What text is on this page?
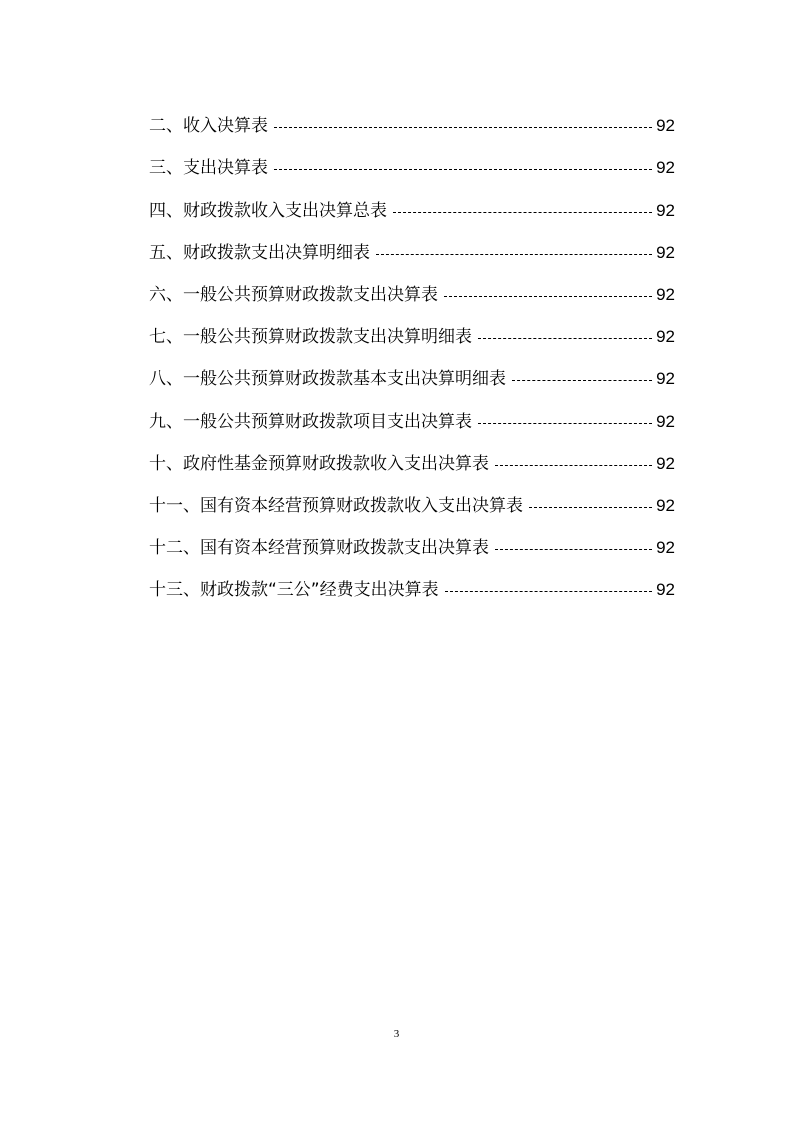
二、收入决算表	92
三、支出决算表	92
四、财政拨款收入支出决算总表	92
五、财政拨款支出决算明细表	92
六、一般公共预算财政拨款支出决算表	92
七、一般公共预算财政拨款支出决算明细表	92
八、一般公共预算财政拨款基本支出决算明细表	92
九、一般公共预算财政拨款项目支出决算表	92
十、政府性基金预算财政拨款收入支出决算表	92
十一、国有资本经营预算财政拨款收入支出决算表	92
十二、国有资本经营预算财政拨款支出决算表	92
十三、财政拨款“三公”经费支出决算表	92
3
